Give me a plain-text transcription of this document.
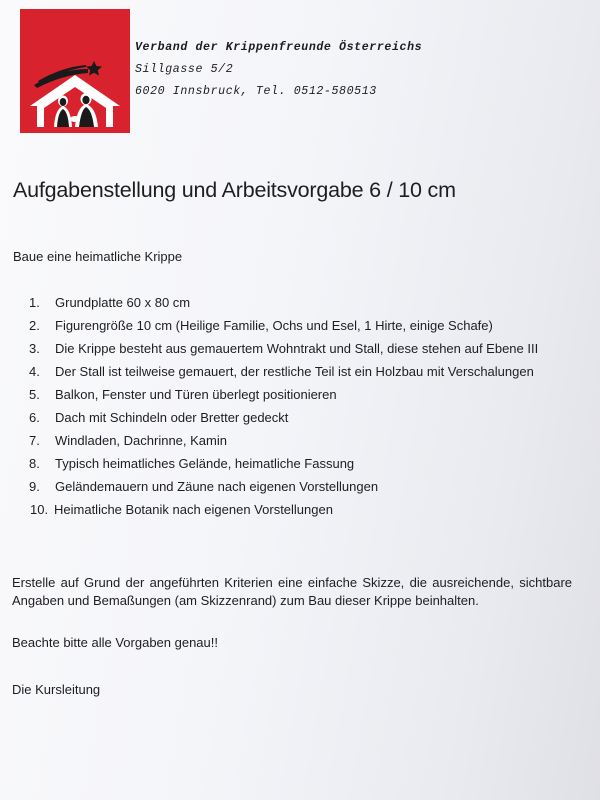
Verband der Krippenfreunde Österreichs
Sillgasse 5/2
6020 Innsbruck, Tel. 0512-580513
Aufgabenstellung und Arbeitsvorgabe 6 / 10 cm

Baue eine heimatliche Krippe

1.	Grundplatte 60 x 80 cm
2.	Figurengröße 10 cm (Heilige Familie, Ochs und Esel, 1 Hirte, einige Schafe)
3.	Die Krippe besteht aus gemauertem Wohntrakt und Stall, diese stehen auf Ebene III
4.	Der Stall ist teilweise gemauert, der restliche Teil ist ein Holzbau mit Verschalungen
5.	Balkon, Fenster und Türen überlegt positionieren
6.	Dach mit Schindeln oder Bretter gedeckt
7.	Windladen, Dachrinne, Kamin
8.	Typisch heimatliches Gelände, heimatliche Fassung
9.	Geländemauern und Zäune nach eigenen Vorstellungen
10. Heimatliche Botanik nach eigenen Vorstellungen

Erstelle auf Grund der angeführten Kriterien eine einfache Skizze, die ausreichende, sichtbare Angaben und Bemaßungen (am Skizzenrand) zum Bau dieser Krippe beinhalten.

Beachte bitte alle Vorgaben genau!!

Die Kursleitung
